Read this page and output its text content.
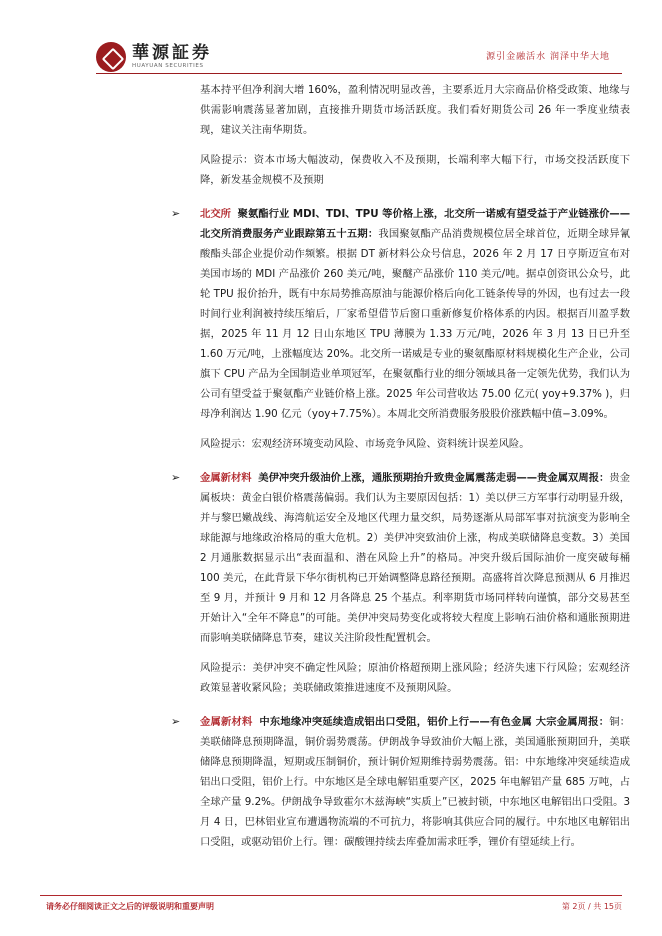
華源証券
HUAYUAN SECURITIES
源引金融活水 润泽中华大地

基本持平但净利润大增 160%，盈利情况明显改善，主要系近月大宗商品价格受政策、地缘与供需影响震荡显著加剧，直接推升期货市场活跃度。我们看好期货公司 26 年一季度业绩表现，建议关注南华期货。

风险提示：资本市场大幅波动，保费收入不及预期，长端利率大幅下行，市场交投活跃度下降，新发基金规模不及预期

➢ 北交所 聚氨酯行业 MDI、TDI、TPU 等价格上涨，北交所一诺威有望受益于产业链涨价——北交所消费服务产业跟踪第五十五期：我国聚氨酯产品消费规模位居全球首位，近期全球异氰酸酯头部企业提价动作频繁。根据 DT 新材料公众号信息，2026 年 2 月 17 日亨斯迈宣布对美国市场的 MDI 产品涨价 260 美元/吨，聚醚产品涨价 110 美元/吨。据卓创资讯公众号，此轮 TPU 报价抬升，既有中东局势推高原油与能源价格后向化工链条传导的外因，也有过去一段时间行业利润被持续压缩后，厂家希望借节后窗口重新修复价格体系的内因。根据百川盈孚数据，2025 年 11 月 12 日山东地区 TPU 薄膜为 1.33 万元/吨，2026 年 3 月 13 日已升至 1.60 万元/吨，上涨幅度达 20%。北交所一诺威是专业的聚氨酯原材料规模化生产企业，公司旗下 CPU 产品为全国制造业单项冠军，在聚氨酯行业的细分领域具备一定领先优势，我们认为公司有望受益于聚氨酯产业链价格上涨。2025 年公司营收达 75.00 亿元( yoy+9.37% )，归母净利润达 1.90 亿元（yoy+7.75%）。本周北交所消费服务股股价涨跌幅中值−3.09%。

风险提示：宏观经济环境变动风险、市场竞争风险、资料统计误差风险。

➢ 金属新材料 美伊冲突升级油价上涨，通胀预期抬升致贵金属震荡走弱——贵金属双周报：贵金属板块：黄金白银价格震荡偏弱。我们认为主要原因包括：1）美以伊三方军事行动明显升级，并与黎巴嫩战线、海湾航运安全及地区代理力量交织，局势逐渐从局部军事对抗演变为影响全球能源与地缘政治格局的重大危机。2）美伊冲突致油价上涨，构成美联储降息变数。3）美国 2 月通胀数据显示出“表面温和、潜在风险上升”的格局。冲突升级后国际油价一度突破每桶 100 美元，在此背景下华尔街机构已开始调整降息路径预期。高盛将首次降息预测从 6 月推迟至 9 月，并预计 9 月和 12 月各降息 25 个基点。利率期货市场同样转向谨慎，部分交易甚至开始计入“全年不降息”的可能。美伊冲突局势变化或将较大程度上影响石油价格和通胀预期进而影响美联储降息节奏，建议关注阶段性配置机会。

风险提示：美伊冲突不确定性风险；原油价格超预期上涨风险；经济失速下行风险；宏观经济政策显著收紧风险；美联储政策推进速度不及预期风险。

➢ 金属新材料 中东地缘冲突延续造成铝出口受阻，铝价上行——有色金属 大宗金属周报：铜：美联储降息预期降温，铜价弱势震荡。伊朗战争导致油价大幅上涨，美国通胀预期回升，美联储降息预期降温，短期或压制铜价，预计铜价短期维持弱势震荡。铝：中东地缘冲突延续造成铝出口受阻，铝价上行。中东地区是全球电解铝重要产区，2025 年电解铝产量 685 万吨，占全球产量 9.2%。伊朗战争导致霍尔木兹海峡“实质上”已被封锁，中东地区电解铝出口受阻。3 月 4 日，巴林铝业宣布遭遇物流端的不可抗力，将影响其供应合同的履行。中东地区电解铝出口受阻，或驱动铝价上行。锂：碳酸锂持续去库叠加需求旺季，锂价有望延续上行。

请务必仔细阅读正文之后的评级说明和重要声明	第 2页 / 共 15页
